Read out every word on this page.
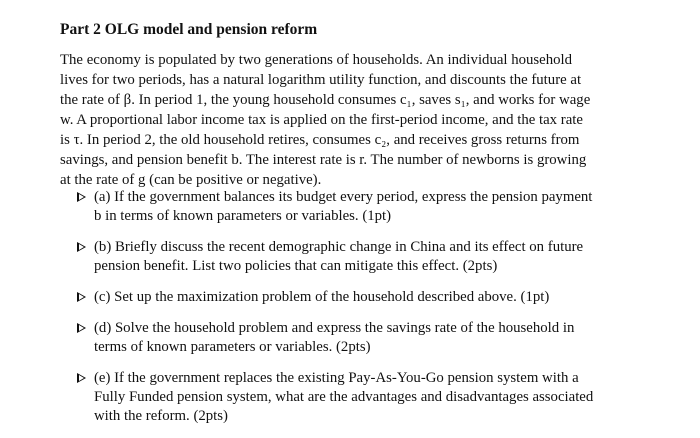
Part 2 OLG model and pension reform
The economy is populated by two generations of households. An individual household
lives for two periods, has a natural logarithm utility function, and discounts the future at
the rate of β. In period 1, the young household consumes c₁, saves s₁, and works for wage
w. A proportional labor income tax is applied on the first-period income, and the tax rate
is τ. In period 2, the old household retires, consumes c₂, and receives gross returns from
savings, and pension benefit b. The interest rate is r. The number of newborns is growing
at the rate of g (can be positive or negative).
(a) If the government balances its budget every period, express the pension payment
b in terms of known parameters or variables. (1pt)
(b) Briefly discuss the recent demographic change in China and its effect on future
pension benefit. List two policies that can mitigate this effect. (2pts)
(c) Set up the maximization problem of the household described above. (1pt)
(d) Solve the household problem and express the savings rate of the household in
terms of known parameters or variables. (2pts)
(e) If the government replaces the existing Pay-As-You-Go pension system with a
Fully Funded pension system, what are the advantages and disadvantages associated
with the reform. (2pts)
